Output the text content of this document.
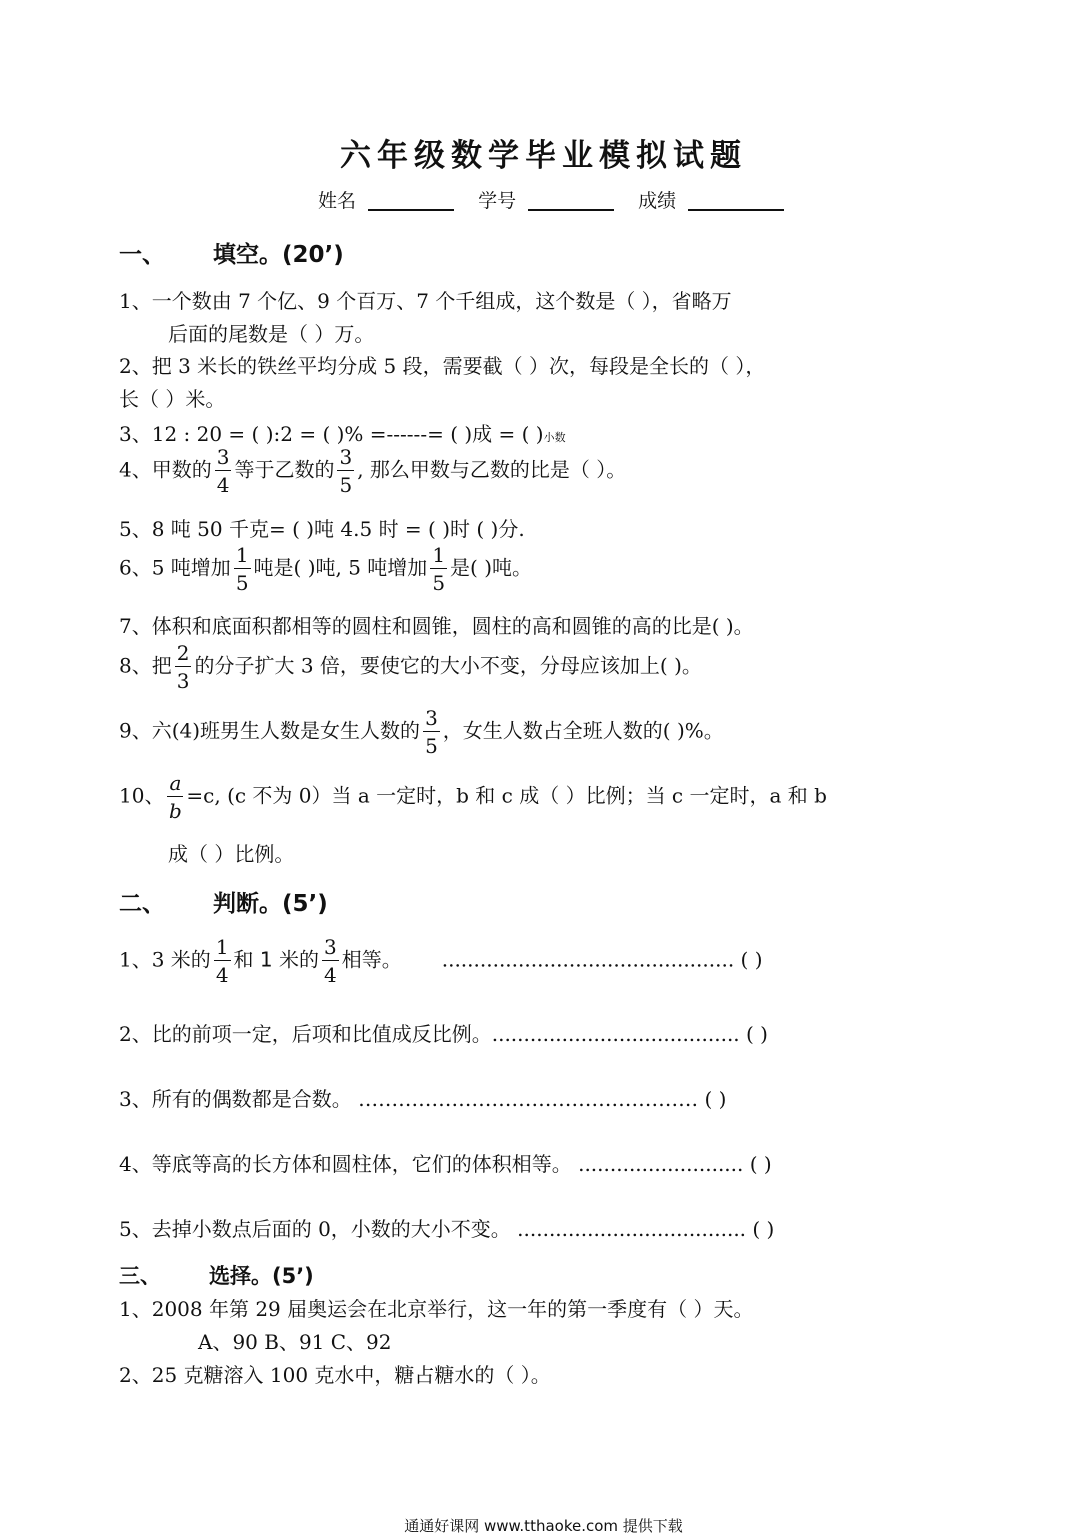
六年级数学毕业模拟试题
姓名	学号	成绩
一、 填空。(20’)
1、一个数由 7 个亿、9 个百万、7 个千组成，这个数是（ ），省略万
后面的尾数是（ ）万。
2、把 3 米长的铁丝平均分成 5 段，需要截（ ）次，每段是全长的（ ），
长（ ）米。
3、12 : 20 = ( ):2 = ( )% =------= ( )成 = ( )小数
4、甲数的 $\frac{3}{4}$ 等于乙数的 $\frac{3}{5}$ , 那么甲数与乙数的比是（ ）。
5、8 吨 50 千克= ( )吨 4.5 时 = ( )时 ( )分.
6、5 吨增加 $\frac{1}{5}$ 吨是( )吨, 5 吨增加 $\frac{1}{5}$ 是( )吨。
7、体积和底面积都相等的圆柱和圆锥，圆柱的高和圆锥的高的比是( )。
8、把 $\frac{2}{3}$ 的分子扩大 3 倍，要使它的大小不变，分母应该加上( )。
9、六(4)班男生人数是女生人数的 $\frac{3}{5}$ ，女生人数占全班人数的( )%。
10、 $\frac{a}{b} =c$, (c 不为 0）当 a 一定时，b 和 c 成（ ）比例；当 c 一定时，a 和 b
成（ ）比例。
二、 判断。(5’)
1、3 米的 $\frac{1}{4}$ 和 1 米的 $\frac{3}{4}$ 相等。 .............................................. ( )
2、比的前项一定，后项和比值成反比例。....................................... ( )
3、所有的偶数都是合数。 …………………………………………… ( )
4、等底等高的长方体和圆柱体，它们的体积相等。 .......................... ( )
5、去掉小数点后面的 0，小数的大小不变。 .................................... ( )
三、 选择。(5’)
1、2008 年第 29 届奥运会在北京举行，这一年的第一季度有（ ）天。
A、90 B、91 C、92
2、25 克糖溶入 100 克水中，糖占糖水的（ ）。
通通好课网 www.tthaoke.com 提供下载
